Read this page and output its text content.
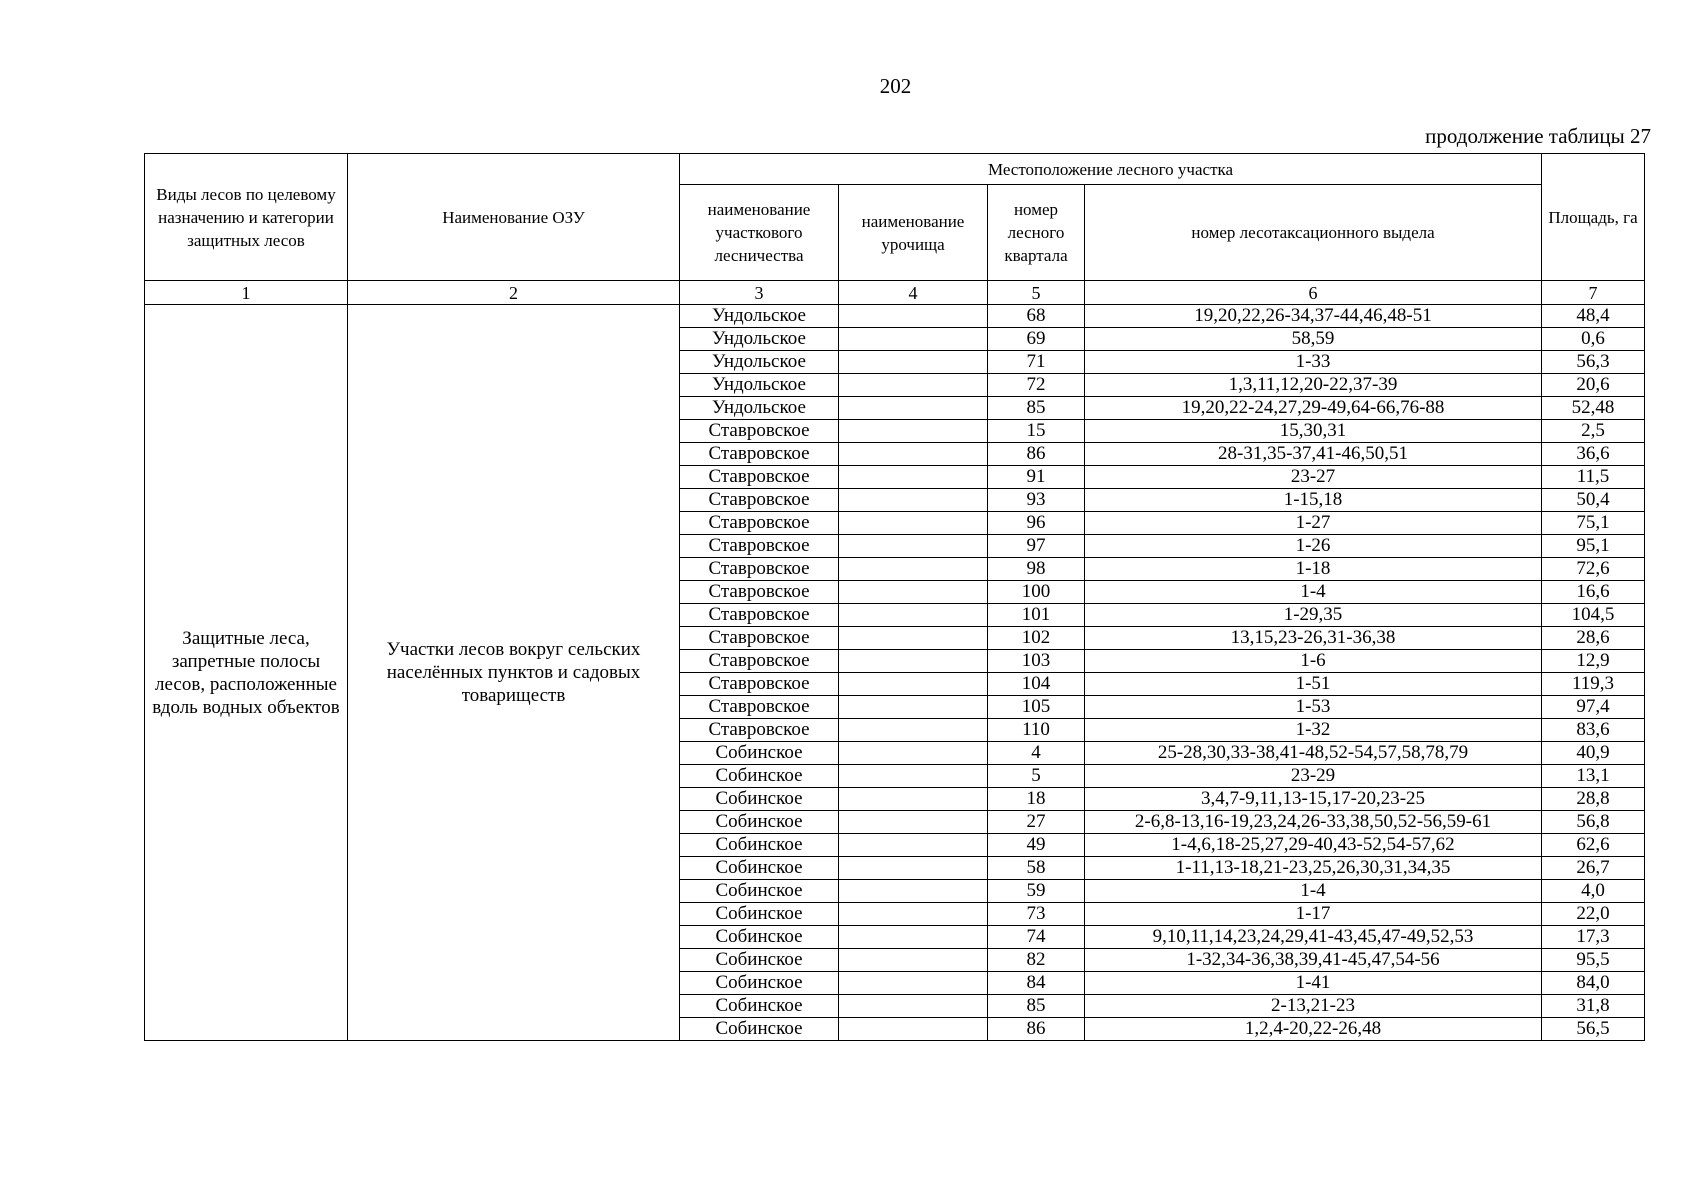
202
продолжение таблицы 27
Виды лесов по целевому назначению и категории защитных лесов	Наименование ОЗУ	Местоположение лесного участка				Площадь, га
		наименование участкового лесничества	наименование урочища	номер лесного квартала	номер лесотаксационного выдела	
1	2	3	4	5	6	7
Защитные леса, запретные полосы лесов, расположенные вдоль водных объектов	Участки лесов вокруг сельских населённых пунктов и садовых товариществ	Ундольское		68	19,20,22,26-34,37-44,46,48-51	48,4
		Ундольское		69	58,59	0,6
		Ундольское		71	1-33	56,3
		Ундольское		72	1,3,11,12,20-22,37-39	20,6
		Ундольское		85	19,20,22-24,27,29-49,64-66,76-88	52,48
		Ставровское		15	15,30,31	2,5
		Ставровское		86	28-31,35-37,41-46,50,51	36,6
		Ставровское		91	23-27	11,5
		Ставровское		93	1-15,18	50,4
		Ставровское		96	1-27	75,1
		Ставровское		97	1-26	95,1
		Ставровское		98	1-18	72,6
		Ставровское		100	1-4	16,6
		Ставровское		101	1-29,35	104,5
		Ставровское		102	13,15,23-26,31-36,38	28,6
		Ставровское		103	1-6	12,9
		Ставровское		104	1-51	119,3
		Ставровское		105	1-53	97,4
		Ставровское		110	1-32	83,6
		Собинское		4	25-28,30,33-38,41-48,52-54,57,58,78,79	40,9
		Собинское		5	23-29	13,1
		Собинское		18	3,4,7-9,11,13-15,17-20,23-25	28,8
		Собинское		27	2-6,8-13,16-19,23,24,26-33,38,50,52-56,59-61	56,8
		Собинское		49	1-4,6,18-25,27,29-40,43-52,54-57,62	62,6
		Собинское		58	1-11,13-18,21-23,25,26,30,31,34,35	26,7
		Собинское		59	1-4	4,0
		Собинское		73	1-17	22,0
		Собинское		74	9,10,11,14,23,24,29,41-43,45,47-49,52,53	17,3
		Собинское		82	1-32,34-36,38,39,41-45,47,54-56	95,5
		Собинское		84	1-41	84,0
		Собинское		85	2-13,21-23	31,8
		Собинское		86	1,2,4-20,22-26,48	56,5
